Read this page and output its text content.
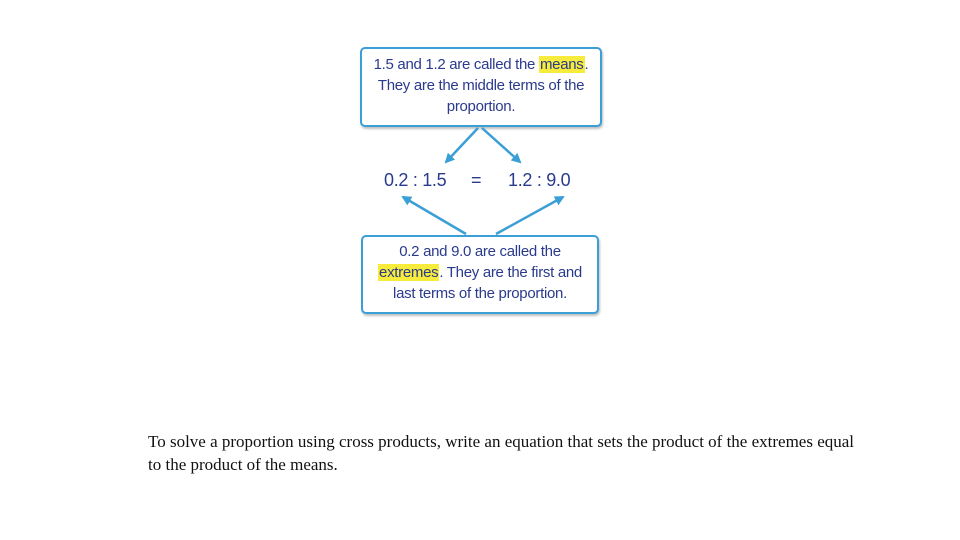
1.5 and 1.2 are called the means.
They are the middle terms of the
proportion.
0.2 : 1.5 = 1.2 : 9.0
0.2 and 9.0 are called the
extremes. They are the first and
last terms of the proportion.
To solve a proportion using cross products, write an equation that sets the product of the extremes equal to the product of the means.
